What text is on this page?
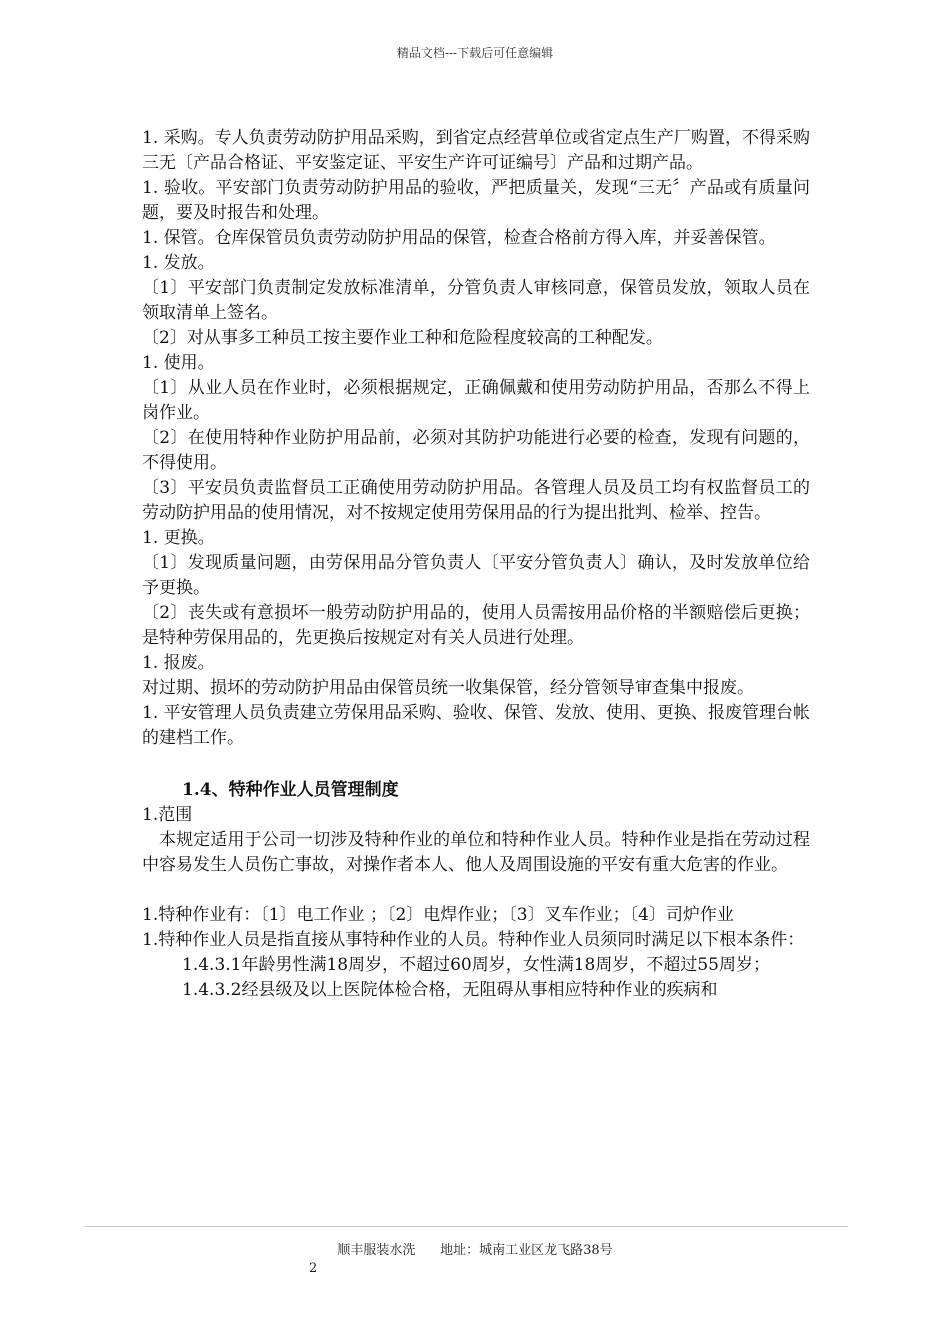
精品文档---下载后可任意编辑

1. 采购。专人负责劳动防护用品采购，到省定点经营单位或省定点生产厂购置，不得采购三无〔产品合格证、平安鉴定证、平安生产许可证编号〕产品和过期产品。

1. 验收。平安部门负责劳动防护用品的验收，严把质量关，发现“三无〞产品或有质量问题，要及时报告和处理。

1. 保管。仓库保管员负责劳动防护用品的保管，检查合格前方得入库，并妥善保管。

1. 发放。

〔1〕平安部门负责制定发放标准清单，分管负责人审核同意，保管员发放，领取人员在领取清单上签名。

〔2〕对从事多工种员工按主要作业工种和危险程度较高的工种配发。

1. 使用。

〔1〕从业人员在作业时，必须根据规定，正确佩戴和使用劳动防护用品，否那么不得上岗作业。

〔2〕在使用特种作业防护用品前，必须对其防护功能进行必要的检查，发现有问题的，不得使用。

〔3〕平安员负责监督员工正确使用劳动防护用品。各管理人员及员工均有权监督员工的劳动防护用品的使用情况，对不按规定使用劳保用品的行为提出批判、检举、控告。

1. 更换。

〔1〕发现质量问题，由劳保用品分管负责人〔平安分管负责人〕确认，及时发放单位给予更换。

〔2〕丧失或有意损坏一般劳动防护用品的，使用人员需按用品价格的半额赔偿后更换；是特种劳保用品的，先更换后按规定对有关人员进行处理。

1. 报废。

对过期、损坏的劳动防护用品由保管员统一收集保管，经分管领导审查集中报废。

1. 平安管理人员负责建立劳保用品采购、验收、保管、发放、使用、更换、报废管理台帐的建档工作。

1.4、特种作业人员管理制度

1.范围

本规定适用于公司一切涉及特种作业的单位和特种作业人员。特种作业是指在劳动过程中容易发生人员伤亡事故，对操作者本人、他人及周围设施的平安有重大危害的作业。

1.特种作业有：〔1〕电工作业 ；〔2〕电焊作业；〔3〕叉车作业；〔4〕司炉作业

1.特种作业人员是指直接从事特种作业的人员。特种作业人员须同时满足以下根本条件：

1.4.3.1年龄男性满18周岁，不超过60周岁，女性满18周岁，不超过55周岁；

1.4.3.2经县级及以上医院体检合格，无阻碍从事相应特种作业的疾病和

顺丰服装水洗      地址：城南工业区龙飞路38号
2
